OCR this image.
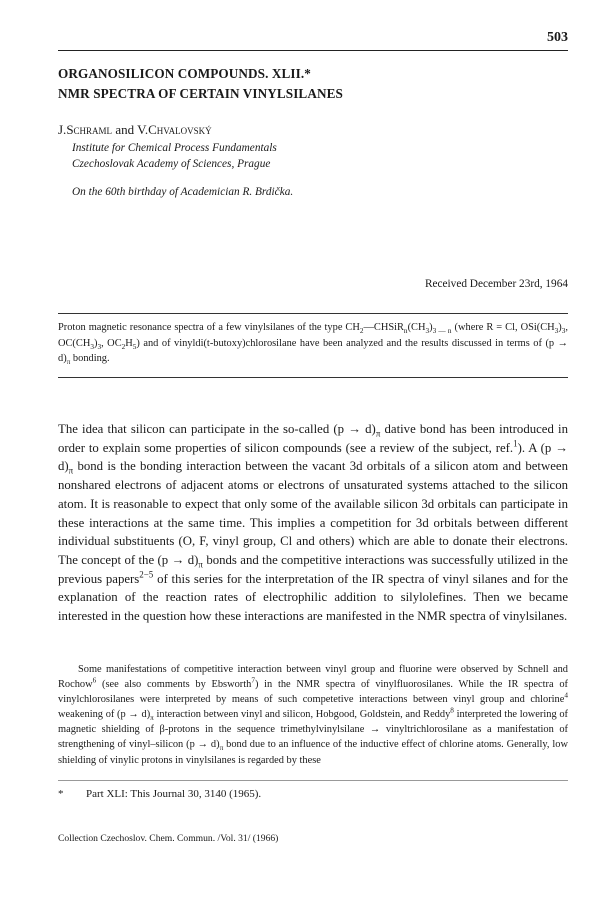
503
ORGANOSILICON COMPOUNDS. XLII.*
NMR SPECTRA OF CERTAIN VINYLSILANES
J.Schraml and V.Chvalovský
Institute for Chemical Process Fundamentals
Czechoslovak Academy of Sciences, Prague
On the 60th birthday of Academician R. Brdička.
Received December 23rd, 1964
Proton magnetic resonance spectra of a few vinylsilanes of the type $CH_2—CHSiR_n(CH_3)_{3 — n}$ (where R = Cl, $OSi(CH_3)_3$, $OC(CH_3)_3$, $OC_2H_5$) and of vinyldi(t-butoxy)chlorosilane have been analyzed and the results discussed in terms of $(p \to d)_\pi$ bonding.
The idea that silicon can participate in the so-called $(p \to d)_\pi$ dative bond has been introduced in order to explain some properties of silicon compounds (see a review of the subject, ref.$^1$). A $(p \to d)_\pi$ bond is the bonding interaction between the vacant 3d orbitals of a silicon atom and between nonshared electrons of adjacent atoms or electrons of unsaturated systems attached to the silicon atom. It is reasonable to expect that only some of the available silicon 3d orbitals can participate in these interactions at the same time. This implies a competition for 3d orbitals between different individual substituents (O, F, vinyl group, Cl and others) which are able to donate their electrons. The concept of the $(p \to d)_\pi$ bonds and the competitive interactions was successfully utilized in the previous papers$^{2-5}$ of this series for the interpretation of the IR spectra of vinyl silanes and for the explanation of the reaction rates of electrophilic addition to silylolefines. Then we became interested in the question how these interactions are manifested in the NMR spectra of vinylsilanes.
Some manifestations of competitive interaction between vinyl group and fluorine were observed by Schnell and Rochow$^6$ (see also comments by Ebsworth$^7$) in the NMR spectra of vinylfluorosilanes. While the IR spectra of vinylchlorosilanes were interpreted by means of such competetive interactions between vinyl group and chlorine$^4$ weakening of $(p \to d)_\pi$ interaction between vinyl and silicon, Hobgood, Goldstein, and Reddy$^8$ interpreted the lowering of magnetic shielding of β-protons in the sequence trimethylvinylsilane → vinyltrichlorosilane as a manifestation of strengthening of vinyl–silicon $(p \to d)_\pi$ bond due to an influence of the inductive effect of chlorine atoms. Generally, low shielding of vinylic protons in vinylsilanes is regarded by these
* Part XLI: This Journal 30, 3140 (1965).
Collection Czechoslov. Chem. Commun. /Vol. 31/ (1966)
